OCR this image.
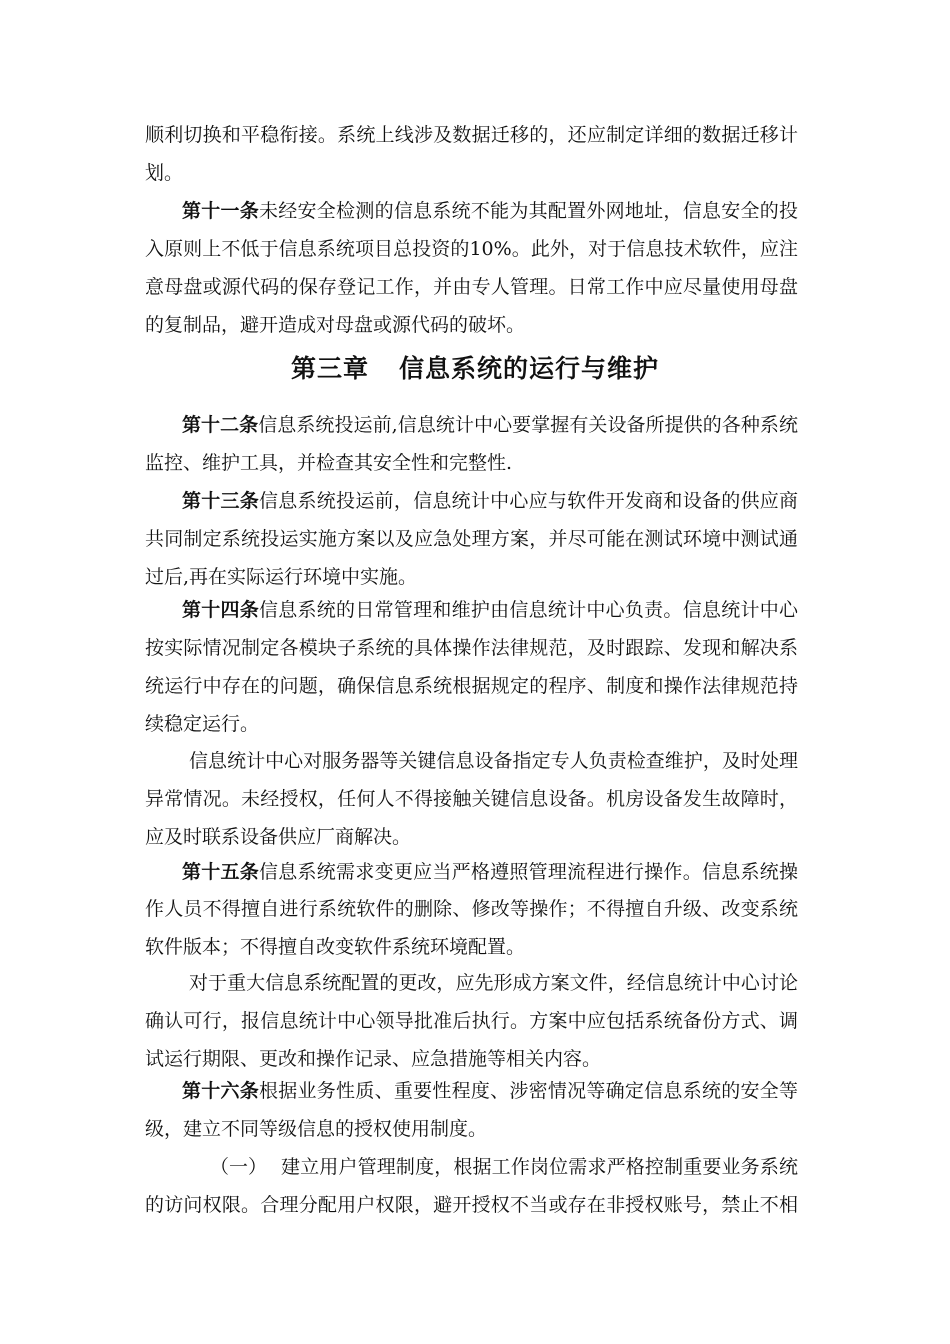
顺利切换和平稳衔接。系统上线涉及数据迁移的，还应制定详细的数据迁移计
划。
第十一条未经安全检测的信息系统不能为其配置外网地址，信息安全的投
入原则上不低于信息系统项目总投资的10%。此外，对于信息技术软件，应注
意母盘或源代码的保存登记工作，并由专人管理。日常工作中应尽量使用母盘
的复制品，避开造成对母盘或源代码的破坏。
第三章 信息系统的运行与维护
第十二条信息系统投运前,信息统计中心要掌握有关设备所提供的各种系统
监控、维护工具，并检查其安全性和完整性.
第十三条信息系统投运前，信息统计中心应与软件开发商和设备的供应商
共同制定系统投运实施方案以及应急处理方案，并尽可能在测试环境中测试通
过后,再在实际运行环境中实施。
第十四条信息系统的日常管理和维护由信息统计中心负责。信息统计中心
按实际情况制定各模块子系统的具体操作法律规范，及时跟踪、发现和解决系
统运行中存在的问题，确保信息系统根据规定的程序、制度和操作法律规范持
续稳定运行。
信息统计中心对服务器等关键信息设备指定专人负责检查维护，及时处理
异常情况。未经授权，任何人不得接触关键信息设备。机房设备发生故障时，
应及时联系设备供应厂商解决。
第十五条信息系统需求变更应当严格遵照管理流程进行操作。信息系统操
作人员不得擅自进行系统软件的删除、修改等操作；不得擅自升级、改变系统
软件版本；不得擅自改变软件系统环境配置。
对于重大信息系统配置的更改，应先形成方案文件，经信息统计中心讨论
确认可行，报信息统计中心领导批准后执行。方案中应包括系统备份方式、调
试运行期限、更改和操作记录、应急措施等相关内容。
第十六条根据业务性质、重要性程度、涉密情况等确定信息系统的安全等
级，建立不同等级信息的授权使用制度。
（一） 建立用户管理制度，根据工作岗位需求严格控制重要业务系统
的访问权限。合理分配用户权限，避开授权不当或存在非授权账号，禁止不相
